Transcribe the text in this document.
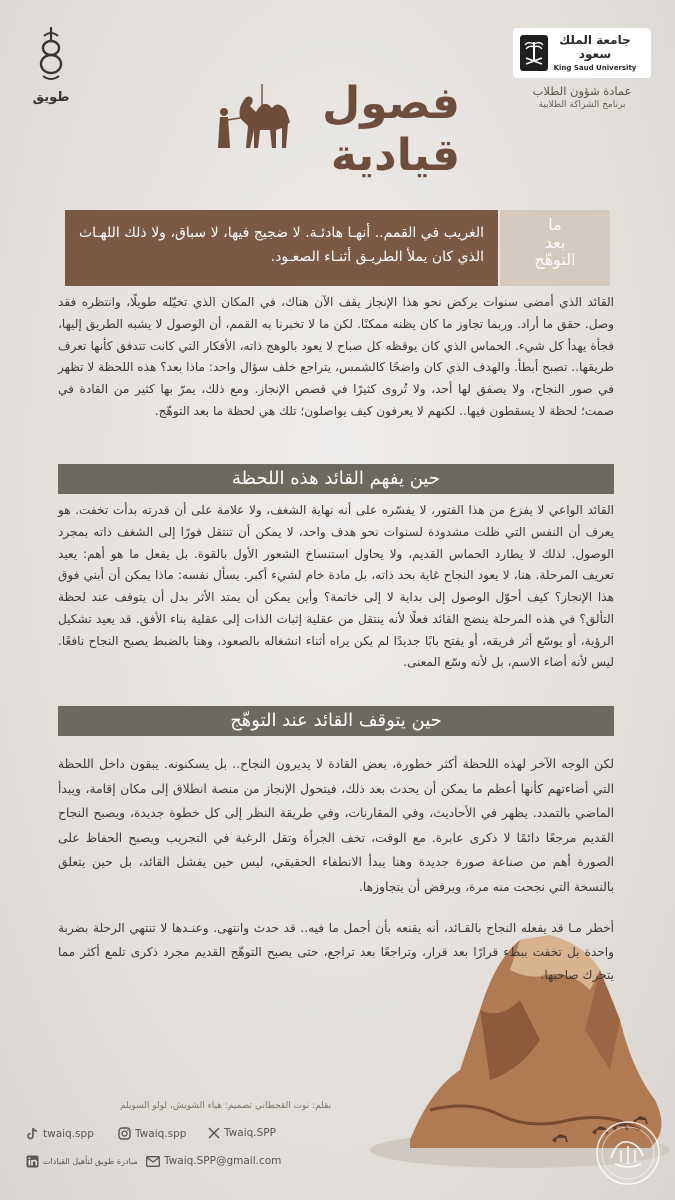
جامعة الملك سعود
King Saud University
عمادة شؤون الطلاب
برنامج الشراكة الطلابية
طويق	فصول
قيادية
ما
بعد
التوهّج
الغريب في القمم.. أنهـا هادئـة. لا ضجيج فيها، لا سباق، ولا ذلك اللهـاث الذي كان يملأ الطريـق أثنـاء الصعـود.

القائد الذي أمضى سنوات يركض نحو هذا الإنجاز يقف الآن هناك، في المكان الذي تخيّله طويلًا، وانتظره فقد وصل. حقق ما أراد. وربما تجاوز ما كان يظنه ممكنًا. لكن ما لا تخبرنا به القمم، أن الوصول لا يشبه الطريق إليها، فجأة يهدأ كل شيء. الحماس الذي كان يوقظه كل صباح لا يعود بالوهج ذاته، الأفكار التي كانت تتدفق كأنها تعرف طريقها.. تصبح أبطأ. والهدف الذي كان واضحًا كالشمس، يتراجع خلف سؤال واحد: ماذا بعد؟ هذه اللحظة لا تظهر في صور النجاح، ولا يصفق لها أحد، ولا تُروى كثيرًا في قصص الإنجاز. ومع ذلك، يمرّ بها كثير من القادة في صمت؛ لحظة لا يسقطون فيها.. لكنهم لا يعرفون كيف يواصلون؛ تلك هي لحظة ما بعد التوهّج.

حين يفهم القائد هذه اللحظة

القائد الواعي لا يفزع من هذا الفتور، لا يفسّره على أنه نهاية الشغف، ولا علامة على أن قدرته بدأت تخفت. هو يعرف أن النفس التي ظلت مشدودة لسنوات نحو هدف واحد، لا يمكن أن تنتقل فورًا إلى الشغف ذاته بمجرد الوصول. لذلك لا يطارد الحماس القديم، ولا يحاول استنساخ الشعور الأول بالقوة. بل يفعل ما هو أهم: يعيد تعريف المرحلة. هنا، لا يعود النجاح غاية بحد ذاته، بل مادة خام لشيء أكبر. يسأل نفسه: ماذا يمكن أن أبني فوق هذا الإنجاز؟ كيف أحوّل الوصول إلى بداية لا إلى خاتمة؟ وأين يمكن أن يمتد الأثر بدل أن يتوقف عند لحظة التألق؟ في هذه المرحلة ينضج القائد فعلًا لأنه ينتقل من عقلية إثبات الذات إلى عقلية بناء الأفق. قد يعيد تشكيل الرؤية، أو يوسّع أثر فريقه، أو يفتح بابًا جديدًا لم يكن يراه أثناء انشغاله بالصعود، وهنا بالضبط يصبح النجاح نافعًا. ليس لأنه أضاء الاسم، بل لأنه وسّع المعنى.

حين يتوقف القائد عند التوهّج

لكن الوجه الآخر لهذه اللحظة أكثر خطورة، بعض القادة لا يديرون النجاح.. بل يسكنونه. يبقون داخل اللحظة التي أضاءتهم كأنها أعظم ما يمكن أن يحدث بعد ذلك، فيتحول الإنجاز من منصة انطلاق إلى مكان إقامة، ويبدأ الماضي بالتمدد. يظهر في الأحاديث، وفي المقارنات، وفي طريقة النظر إلى كل خطوة جديدة، ويصبح النجاح القديم مرجعًا دائمًا لا ذكرى عابرة. مع الوقت، تخف الجرأة وتقل الرغبة في التجريب ويصبح الحفاظ على الصورة أهم من صناعة صورة جديدة وهنا يبدأ الانطفاء الحقيقي، ليس حين يفشل القائد، بل حين يتعلق بالنسخة التي نجحت منه مرة، ويرفض أن يتجاوزها.

أخطر مـا قد يفعله النجاح بالقـائد، أنه يقنعه بأن أجمل ما فيه.. قد حدث وانتهى. وعنـدها لا تنتهي الرحلة بضربة واحدة بل تخفت ببطء قرارًا بعد قرار، وتراجعًا بعد تراجع، حتى يصبح التوهّج القديم مجرد ذكرى تلمع أكثر مما يتحرك صاحبها.

بقلم: نوت القحطاني تصميم: هياء الشويش، لولو السويلم
twaiq.spp	Twaiq.spp	Twaiq.SPP
مبادرة طويق لتأهيل القيادات	Twaiq.SPP@gmail.com
